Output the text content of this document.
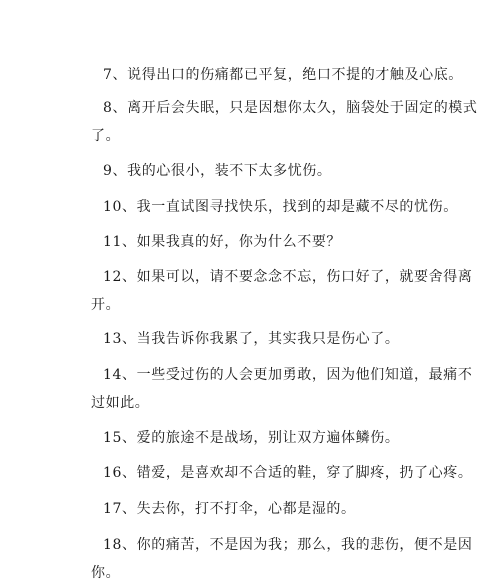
7、说得出口的伤痛都已平复，绝口不提的才触及心底。
8、离开后会失眠，只是因想你太久，脑袋处于固定的模式
了。
9、我的心很小，装不下太多忧伤。
10、我一直试图寻找快乐，找到的却是藏不尽的忧伤。
11、如果我真的好，你为什么不要？
12、如果可以，请不要念念不忘，伤口好了，就要舍得离
开。
13、当我告诉你我累了，其实我只是伤心了。
14、一些受过伤的人会更加勇敢，因为他们知道，最痛不
过如此。
15、爱的旅途不是战场，别让双方遍体鳞伤。
16、错爱，是喜欢却不合适的鞋，穿了脚疼，扔了心疼。
17、失去你，打不打伞，心都是湿的。
18、你的痛苦，不是因为我；那么，我的悲伤，便不是因
你。
